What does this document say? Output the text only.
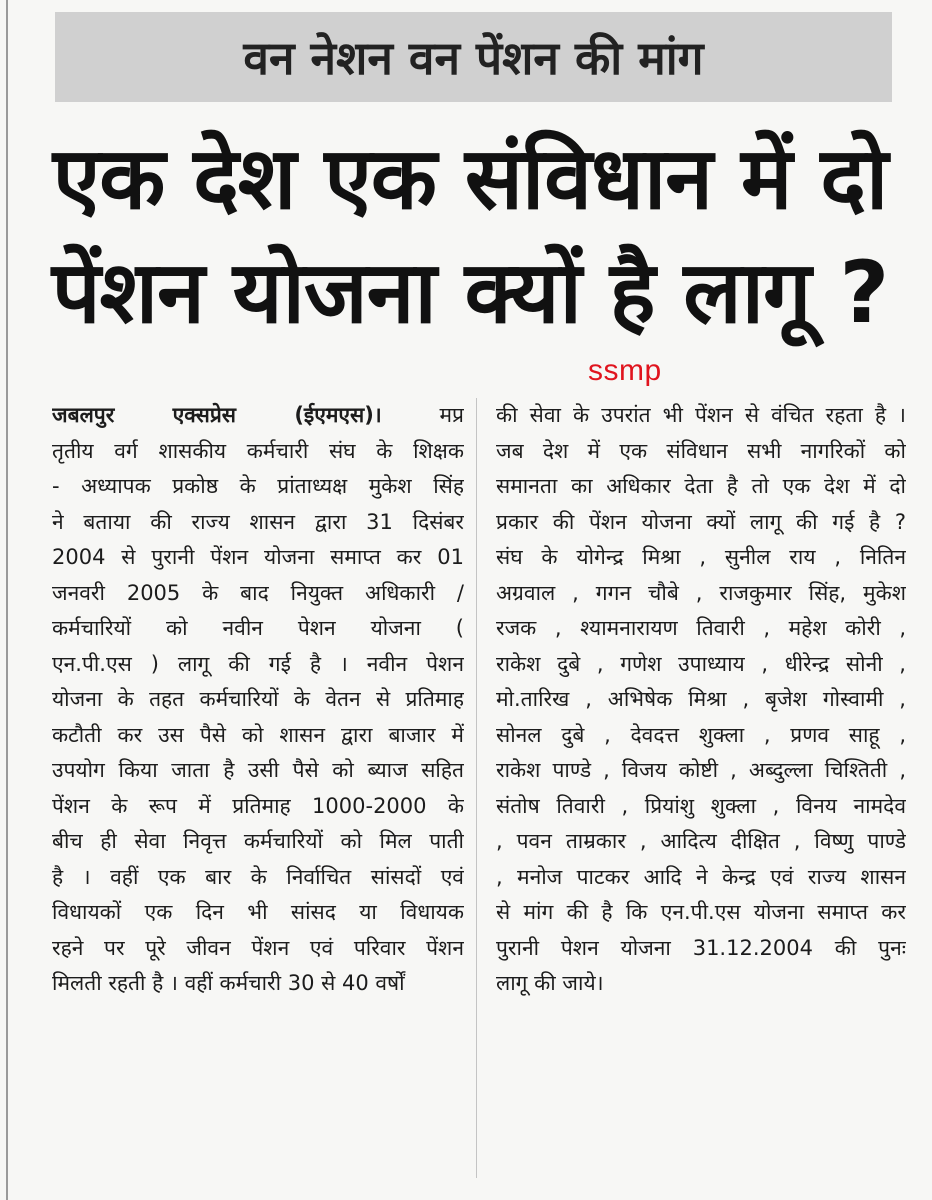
वन नेशन वन पेंशन की मांग
एक देश एक संविधान में दो
पेंशन योजना क्यों है लागू ?
ssmp
जबलपुर एक्सप्रेस (ईएमएस)। मप्र
तृतीय वर्ग शासकीय कर्मचारी संघ के शिक्षक
- अध्यापक प्रकोष्ठ के प्रांताध्यक्ष मुकेश सिंह
ने बताया की राज्य शासन द्वारा 31 दिसंबर
2004 से पुरानी पेंशन योजना समाप्त कर 01
जनवरी 2005 के बाद नियुक्त अधिकारी /
कर्मचारियों को नवीन पेशन योजना (
एन.पी.एस ) लागू की गई है । नवीन पेशन
योजना के तहत कर्मचारियों के वेतन से प्रतिमाह
कटौती कर उस पैसे को शासन द्वारा बाजार में
उपयोग किया जाता है उसी पैसे को ब्याज सहित
पेंशन के रूप में प्रतिमाह 1000-2000 के
बीच ही सेवा निवृत्त कर्मचारियों को मिल पाती
है । वहीं एक बार के निर्वाचित सांसदों एवं
विधायकों एक दिन भी सांसद या विधायक
रहने पर पूरे जीवन पेंशन एवं परिवार पेंशन
मिलती रहती है । वहीं कर्मचारी 30 से 40 वर्षों
की सेवा के उपरांत भी पेंशन से वंचित रहता है ।
जब देश में एक संविधान सभी नागरिकों को
समानता का अधिकार देता है तो एक देश में दो
प्रकार की पेंशन योजना क्यों लागू की गई है ?
संघ के योगेन्द्र मिश्रा , सुनील राय , नितिन
अग्रवाल , गगन चौबे , राजकुमार सिंह, मुकेश
रजक , श्यामनारायण तिवारी , महेश कोरी ,
राकेश दुबे , गणेश उपाध्याय , धीरेन्द्र सोनी ,
मो.तारिख , अभिषेक मिश्रा , बृजेश गोस्वामी ,
सोनल दुबे , देवदत्त शुक्ला , प्रणव साहू ,
राकेश पाण्डे , विजय कोष्टी , अब्दुल्ला चिश्तिती ,
संतोष तिवारी , प्रियांशु शुक्ला , विनय नामदेव
, पवन ताम्रकार , आदित्य दीक्षित , विष्णु पाण्डे
, मनोज पाटकर आदि ने केन्द्र एवं राज्य शासन
से मांग की है कि एन.पी.एस योजना समाप्त कर
पुरानी पेशन योजना 31.12.2004 की पुनः
लागू की जाये।
